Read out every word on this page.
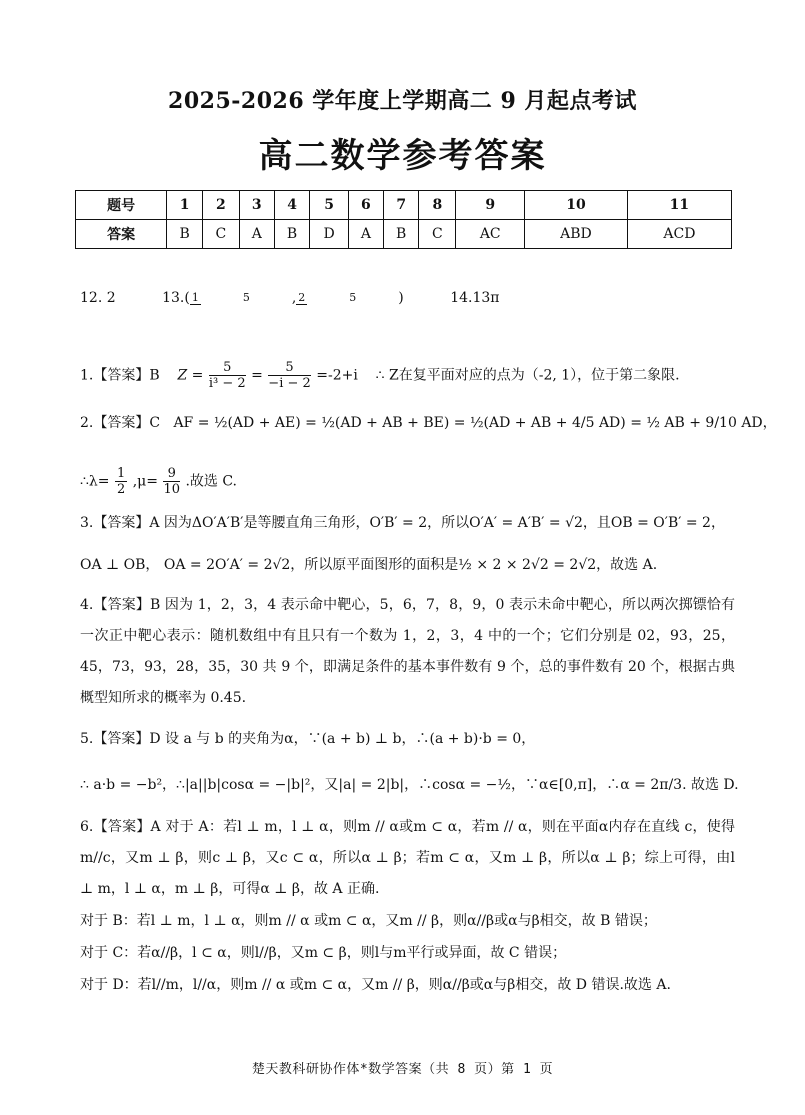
2025-2026 学年度上学期高二 9 月起点考试
高二数学参考答案
题号	1	2	3	4	5	6	7	8	9	10	11
答案	B	C	A	B	D	A	B	C	AC	ABD	ACD
12. 2	13.( 1	5	, 2	5	)	14.13π
1.【答案】B $Z = \frac{5}{\text{i³ − 2}} = \frac{5}{-i - 2} =-2+i$ ∴ Z在复平面对应的点为（-2, 1），位于第二象限.
2.【答案】C AF = ½(AD + AE) = ½(AD + AB + BE) = ½(AD + AB + 4/5 AD) = ½ AB + 9/10 AD，
∴λ= $\frac{1}{2} ,\mu= \frac{9}{10}$ .故选 C.
3.【答案】A 因为ΔO′A′B′是等腰直角三角形，O′B′ = 2，所以O′A′ = A′B′ = √2，且OB = O′B′ = 2，
OA ⊥ OB， OA = 2O′A′ = 2√2，所以原平面图形的面积是½ × 2 × 2√2 = 2√2，故选 A.
4.【答案】B 因为 1，2，3，4 表示命中靶心，5，6，7，8，9，0 表示未命中靶心，所以两次掷镖恰有一次正中靶心表示：随机数组中有且只有一个数为 1，2，3，4 中的一个；它们分别是 02，93，25，45，73，93，28，35，30 共 9 个，即满足条件的基本事件数有 9 个，总的事件数有 20 个，根据古典概型知所求的概率为 0.45.
5.【答案】D 设 a 与 b 的夹角为α，∵(a + b) ⊥ b，∴(a + b)·b = 0，
∴ a·b = −b²，∴|a||b|cosα = −|b|²，又|a| = 2|b|，∴cosα = −½，∵α∈[0,π]，∴α = 2π/3. 故选 D.
6.【答案】A 对于 A：若l ⊥ m，l ⊥ α，则m // α或m ⊂ α，若m // α，则在平面α内存在直线 c，使得m//c，又m ⊥ β，则c ⊥ β，又c ⊂ α，所以α ⊥ β；若m ⊂ α，又m ⊥ β，所以α ⊥ β；综上可得，由l ⊥ m，l ⊥ α，m ⊥ β，可得α ⊥ β，故 A 正确.
对于 B：若l ⊥ m，l ⊥ α，则m // α 或m ⊂ α，又m // β，则α//β或α与β相交，故 B 错误；
对于 C：若α//β，l ⊂ α，则l//β，又m ⊂ β，则l与m平行或异面，故 C 错误；
对于 D：若l//m，l//α，则m // α 或m ⊂ α，又m // β，则α//β或α与β相交，故 D 错误.故选 A.
楚天教科研协作体*数学答案（共 8 页）第 1 页
